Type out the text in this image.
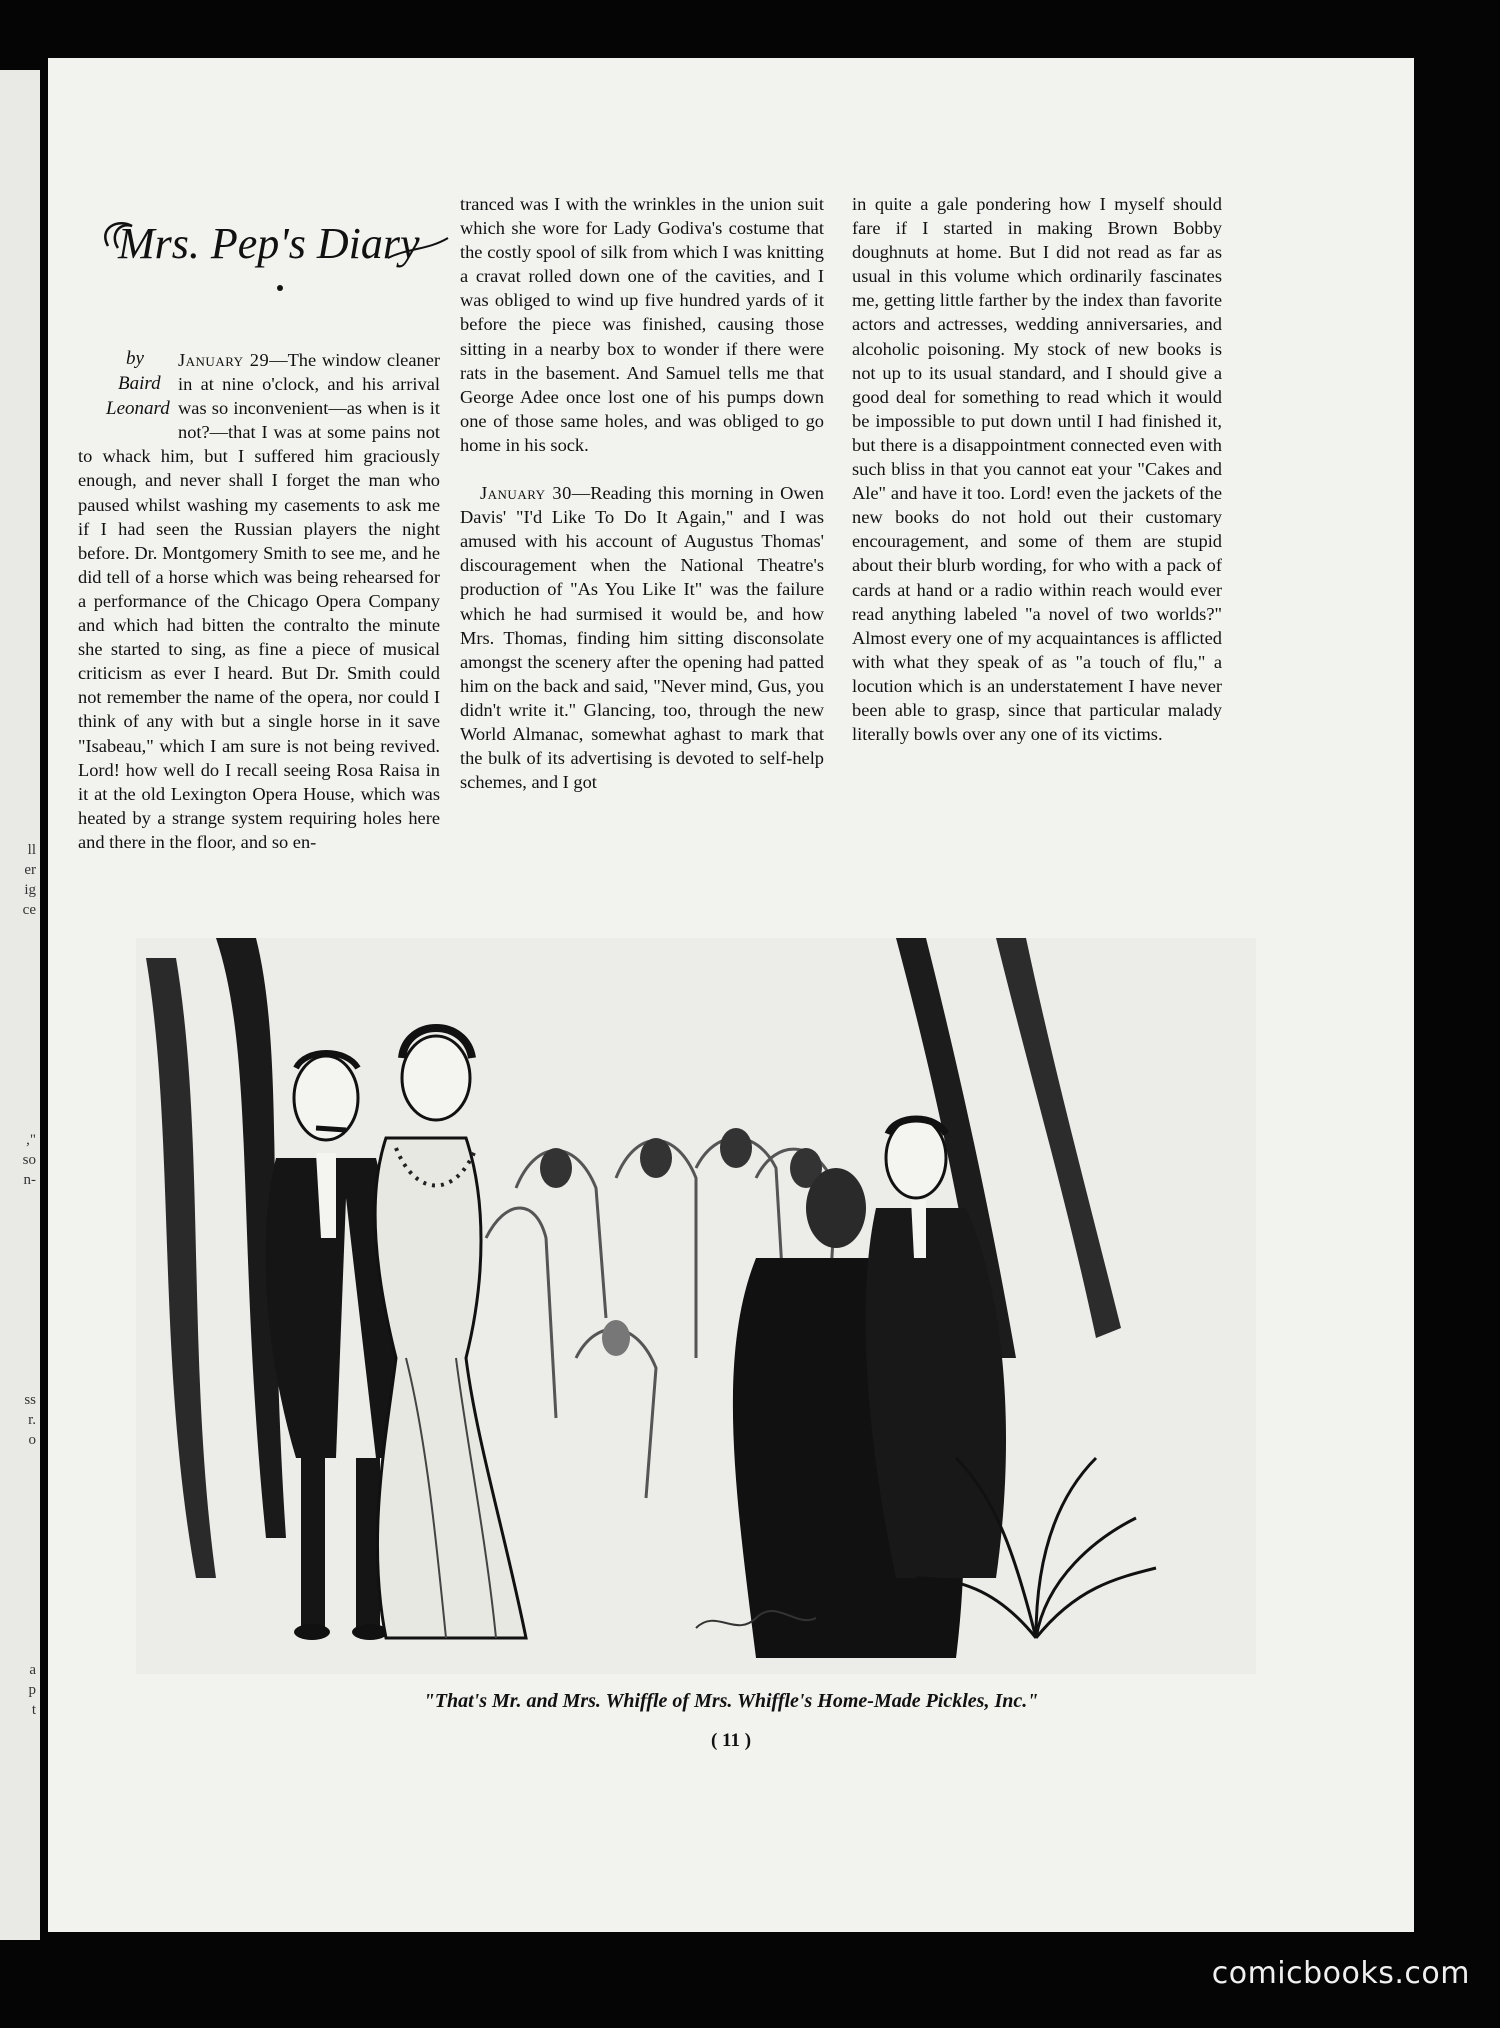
ll
er
ig
ce
,"
so
n-
ss
r.
o
a
p
t
Mrs. Pep's Diary
by
Baird
Leonard

January 29—The window cleaner in at nine o'clock, and his arrival was so inconvenient—as when is it not?—that I was at some pains not to whack him, but I suffered him graciously enough, and never shall I forget the man who paused whilst washing my casements to ask me if I had seen the Russian players the night before. Dr. Montgomery Smith to see me, and he did tell of a horse which was being rehearsed for a performance of the Chicago Opera Company and which had bitten the contralto the minute she started to sing, as fine a piece of musical criticism as ever I heard. But Dr. Smith could not remember the name of the opera, nor could I think of any with but a single horse in it save "Isabeau," which I am sure is not being revived. Lord! how well do I recall seeing Rosa Raisa in it at the old Lexington Opera House, which was heated by a strange system requiring holes here and there in the floor, and so en-

tranced was I with the wrinkles in the union suit which she wore for Lady Godiva's costume that the costly spool of silk from which I was knitting a cravat rolled down one of the cavities, and I was obliged to wind up five hundred yards of it before the piece was finished, causing those sitting in a nearby box to wonder if there were rats in the basement. And Samuel tells me that George Adee once lost one of his pumps down one of those same holes, and was obliged to go home in his sock.

January 30—Reading this morning in Owen Davis' "I'd Like To Do It Again," and I was amused with his account of Augustus Thomas' discouragement when the National Theatre's production of "As You Like It" was the failure which he had surmised it would be, and how Mrs. Thomas, finding him sitting disconsolate amongst the scenery after the opening had patted him on the back and said, "Never mind, Gus, you didn't write it." Glancing, too, through the new World Almanac, somewhat aghast to mark that the bulk of its advertising is devoted to self-help schemes, and I got

in quite a gale pondering how I myself should fare if I started in making Brown Bobby doughnuts at home. But I did not read as far as usual in this volume which ordinarily fascinates me, getting little farther by the index than favorite actors and actresses, wedding anniversaries, and alcoholic poisoning. My stock of new books is not up to its usual standard, and I should give a good deal for something to read which it would be impossible to put down until I had finished it, but there is a disappointment connected even with such bliss in that you cannot eat your "Cakes and Ale" and have it too. Lord! even the jackets of the new books do not hold out their customary encouragement, and some of them are stupid about their blurb wording, for who with a pack of cards at hand or a radio within reach would ever read anything labeled "a novel of two worlds?" Almost every one of my acquaintances is afflicted with what they speak of as "a touch of flu," a locution which is an understatement I have never been able to grasp, since that particular malady literally bowls over any one of its victims.

"That's Mr. and Mrs. Whiffle of Mrs. Whiffle's Home-Made Pickles, Inc."
( 11 )
comicbooks.com
